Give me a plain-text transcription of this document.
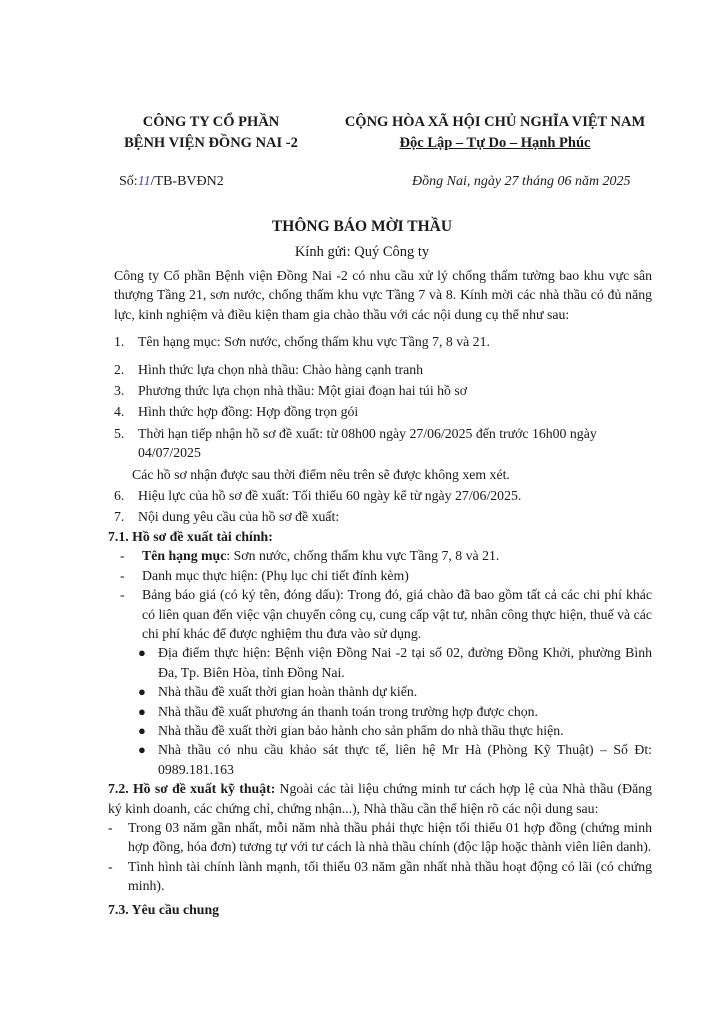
CÔNG TY CỔ PHẦN
BỆNH VIỆN ĐỒNG NAI -2
CỘNG HÒA XÃ HỘI CHỦ NGHĨA VIỆT NAM
Độc Lập – Tự Do – Hạnh Phúc
Số:11/TB-BVĐN2	Đồng Nai, ngày 27 tháng 06 năm 2025
THÔNG BÁO MỜI THẦU
Kính gửi: Quý Công ty

Công ty Cổ phần Bệnh viện Đồng Nai -2 có nhu cầu xử lý chống thấm tường bao khu vực sân thượng Tầng 21, sơn nước, chống thấm khu vực Tầng 7 và 8. Kính mời các nhà thầu có đủ năng lực, kinh nghiệm và điều kiện tham gia chào thầu với các nội dung cụ thể như sau:

1. Tên hạng mục: Sơn nước, chống thấm khu vực Tầng 7, 8 và 21.

2. Hình thức lựa chọn nhà thầu: Chào hàng cạnh tranh

3. Phương thức lựa chọn nhà thầu: Một giai đoạn hai túi hồ sơ

4. Hình thức hợp đồng: Hợp đồng trọn gói

5. Thời hạn tiếp nhận hồ sơ đề xuất: từ 08h00 ngày 27/06/2025 đến trước 16h00 ngày 04/07/2025

Các hồ sơ nhận được sau thời điểm nêu trên sẽ được không xem xét.

6. Hiệu lực của hồ sơ đề xuất: Tối thiểu 60 ngày kể từ ngày 27/06/2025.

7. Nội dung yêu cầu của hồ sơ đề xuất:

7.1. Hồ sơ đề xuất tài chính:

- Tên hạng mục: Sơn nước, chống thấm khu vực Tầng 7, 8 và 21.

- Danh mục thực hiện: (Phụ lục chi tiết đính kèm)

- Bảng báo giá (có ký tên, đóng dấu): Trong đó, giá chào đã bao gồm tất cả các chi phí khác có liên quan đến việc vận chuyển công cụ, cung cấp vật tư, nhân công thực hiện, thuế và các chi phí khác để được nghiệm thu đưa vào sử dụng.

● Địa điểm thực hiện: Bệnh viện Đồng Nai -2 tại số 02, đường Đồng Khởi, phường Bình Đa, Tp. Biên Hòa, tỉnh Đồng Nai.

● Nhà thầu đề xuất thời gian hoàn thành dự kiến.

● Nhà thầu đề xuất phương án thanh toán trong trường hợp được chọn.

● Nhà thầu đề xuất thời gian bảo hành cho sản phẩm do nhà thầu thực hiện.

● Nhà thầu có nhu cầu khảo sát thực tế, liên hệ Mr Hà (Phòng Kỹ Thuật) – Số Đt: 0989.181.163

7.2. Hồ sơ đề xuất kỹ thuật: Ngoài các tài liệu chứng minh tư cách hợp lệ của Nhà thầu (Đăng ký kinh doanh, các chứng chỉ, chứng nhận...), Nhà thầu cần thể hiện rõ các nội dung sau:

- Trong 03 năm gần nhất, mỗi năm nhà thầu phải thực hiện tối thiểu 01 hợp đồng (chứng minh hợp đồng, hóa đơn) tương tự với tư cách là nhà thầu chính (độc lập hoặc thành viên liên danh).

- Tình hình tài chính lành mạnh, tối thiểu 03 năm gần nhất nhà thầu hoạt động có lãi (có chứng minh).

7.3. Yêu cầu chung
